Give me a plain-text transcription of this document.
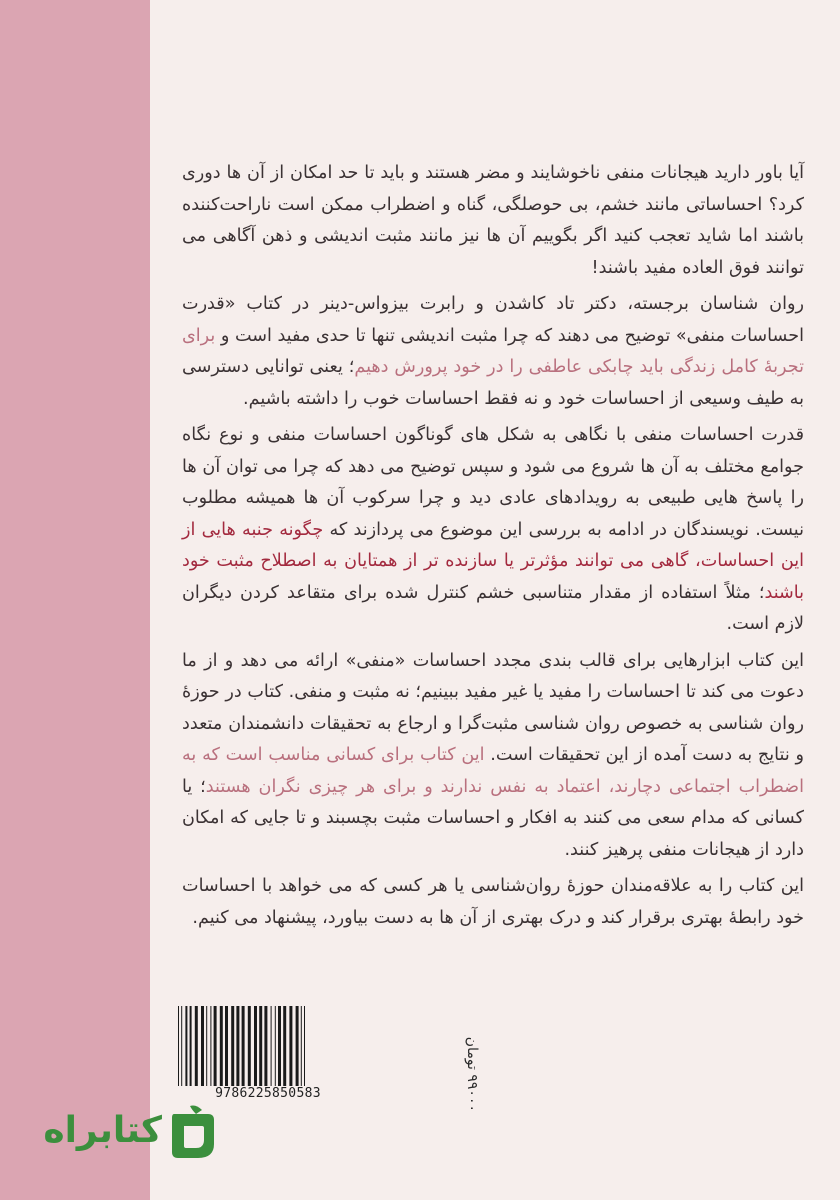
آیا باور دارید هیجانات منفی ناخوشایند و مضر هستند و باید تا حد امکان از آن ها دوری کرد؟ احساساتی مانند خشم، بی حوصلگی، گناه و اضطراب ممکن است ناراحت‌کننده باشند اما شاید تعجب کنید اگر بگوییم آن ها نیز مانند مثبت اندیشی و ذهن آگاهی می توانند فوق العاده مفید باشند!

روان شناسان برجسته، دکتر تاد کاشدن و رابرت بیزواس-دینر در کتاب «قدرت احساسات منفی» توضیح می دهند که چرا مثبت اندیشی تنها تا حدی مفید است و برای تجربهٔ کامل زندگی باید چابکی عاطفی را در خود پرورش دهیم؛ یعنی توانایی دسترسی به طیف وسیعی از احساسات خود و نه فقط احساسات خوب را داشته باشیم.

قدرت احساسات منفی با نگاهی به شکل های گوناگون احساسات منفی و نوع نگاه جوامع مختلف به آن ها شروع می شود و سپس توضیح می دهد که چرا می توان آن ها را پاسخ هایی طبیعی به رویدادهای عادی دید و چرا سرکوب آن ها همیشه مطلوب نیست. نویسندگان در ادامه به بررسی این موضوع می پردازند که چگونه جنبه هایی از این احساسات، گاهی می توانند مؤثرتر یا سازنده تر از همتایان به اصطلاح مثبت خود باشند؛ مثلاً استفاده از مقدار متناسبی خشم کنترل شده برای متقاعد کردن دیگران لازم است.

این کتاب ابزارهایی برای قالب بندی مجدد احساسات «منفی» ارائه می دهد و از ما دعوت می کند تا احساسات را مفید یا غیر مفید ببینیم؛ نه مثبت و منفی. کتاب در حوزهٔ روان شناسی به خصوص روان شناسی مثبت‌گرا و ارجاع به تحقیقات دانشمندان متعدد و نتایج به دست آمده از این تحقیقات است. این کتاب برای کسانی مناسب است که به اضطراب اجتماعی دچارند، اعتماد به نفس ندارند و برای هر چیزی نگران هستند؛ یا کسانی که مدام سعی می کنند به افکار و احساسات مثبت بچسبند و تا جایی که امکان دارد از هیجانات منفی پرهیز کنند.

این کتاب را به علاقه‌مندان حوزهٔ روان‌شناسی یا هر کسی که می خواهد با احساسات خود رابطهٔ بهتری برقرار کند و درک بهتری از آن ها به دست بیاورد، پیشنهاد می کنیم.

9786225850583
۹۹۰۰۰ تومان
کتابراه
